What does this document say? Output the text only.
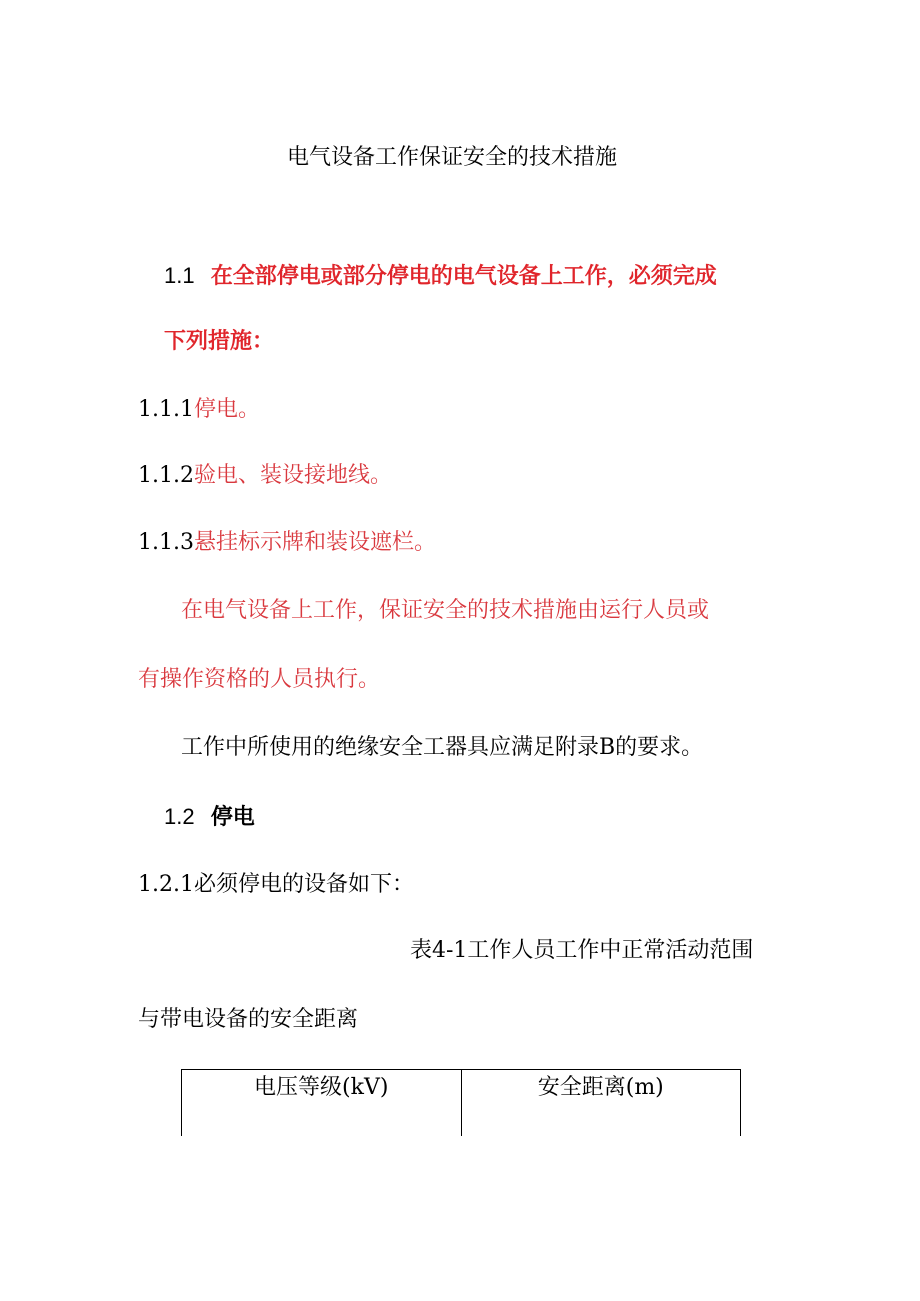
电气设备工作保证安全的技术措施
1.1 在全部停电或部分停电的电气设备上工作，必须完成
下列措施：
1.1.1停电。
1.1.2验电、装设接地线。
1.1.3悬挂标示牌和装设遮栏。
在电气设备上工作，保证安全的技术措施由运行人员或
有操作资格的人员执行。
工作中所使用的绝缘安全工器具应满足附录B的要求。
1.2 停电
1.2.1必须停电的设备如下：
表4-1工作人员工作中正常活动范围
与带电设备的安全距离
电压等级(kV)	安全距离(m)
